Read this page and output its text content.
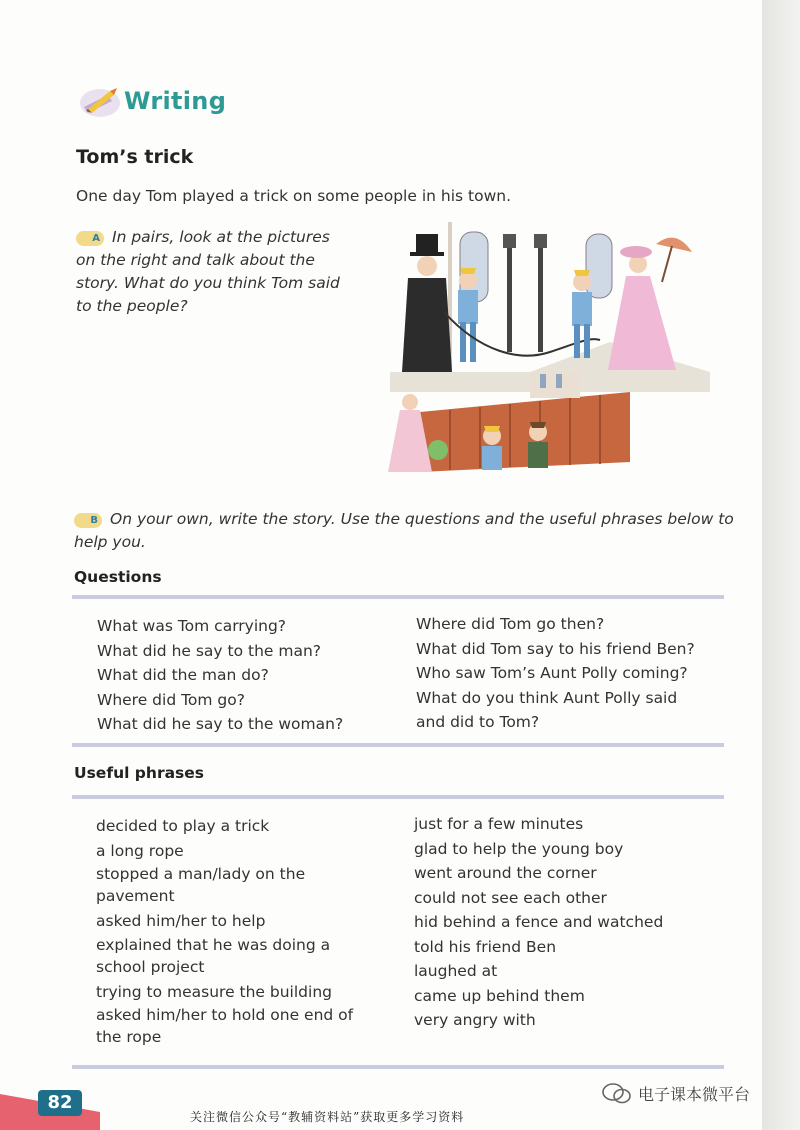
Writing
Tom’s trick
One day Tom played a trick on some people in his town.
A In pairs, look at the pictures on the right and talk about the story. What do you think Tom said to the people?
B On your own, write the story. Use the questions and the useful phrases below to help you.
Questions
What was Tom carrying?
What did he say to the man?
What did the man do?
Where did Tom go?
What did he say to the woman?
Where did Tom go then?
What did Tom say to his friend Ben?
Who saw Tom’s Aunt Polly coming?
What do you think Aunt Polly said
and did to Tom?
Useful phrases
decided to play a trick
a long rope
stopped a man/lady on the pavement
asked him/her to help
explained that he was doing a school project
trying to measure the building
asked him/her to hold one end of the rope
just for a few minutes
glad to help the young boy
went around the corner
could not see each other
hid behind a fence and watched
told his friend Ben
laughed at
came up behind them
very angry with
82
关注微信公众号“教辅资料站”获取更多学习资料
电子课本微平台
